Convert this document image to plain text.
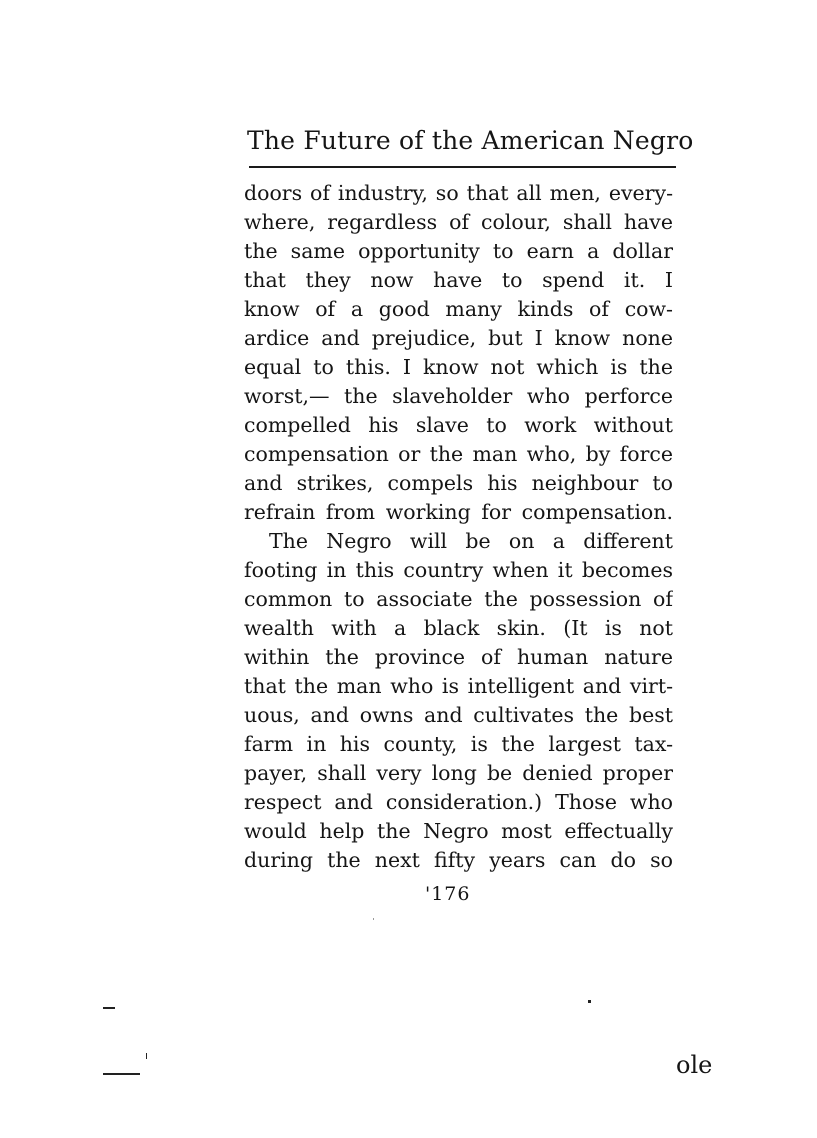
The Future of the American Negro
doors of industry, so that all men, every-
where, regardless of colour, shall have
the same opportunity to earn a dollar
that they now have to spend it. I
know of a good many kinds of cow-
ardice and prejudice, but I know none
equal to this. I know not which is the
worst,— the slaveholder who perforce
compelled his slave to work without
compensation or the man who, by force
and strikes, compels his neighbour to
refrain from working for compensation.
The Negro will be on a different
footing in this country when it becomes
common to associate the possession of
wealth with a black skin. (It is not
within the province of human nature
that the man who is intelligent and virt-
uous, and owns and cultivates the best
farm in his county, is the largest tax-
payer, shall very long be denied proper
respect and consideration.) Those who
would help the Negro most effectually
during the next fifty years can do so
'176
ole
